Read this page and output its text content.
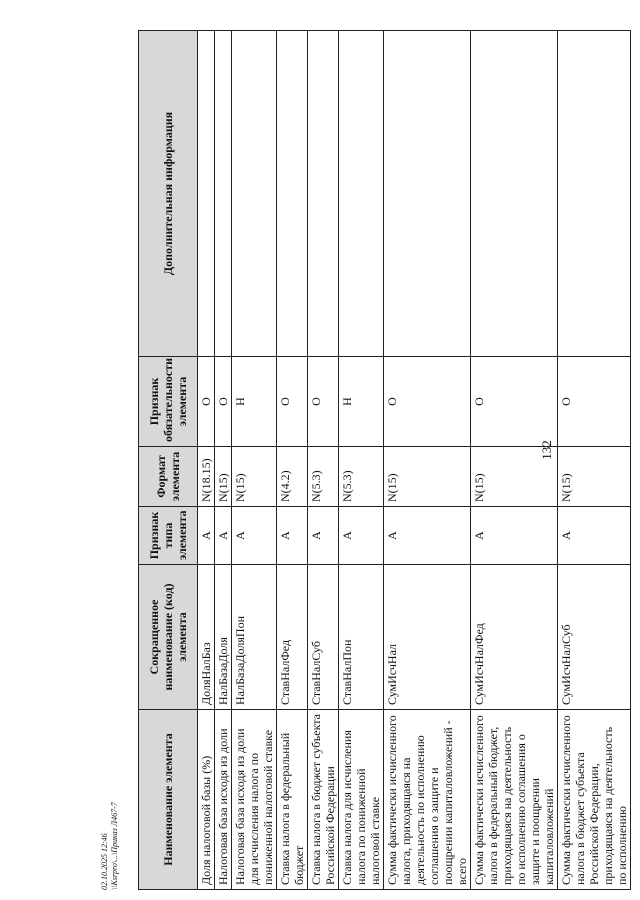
132
02.10.2025 12:46 \\Ksrpro\...\Приказ Л467-7	Наименование элемента	Сокращенное наименование (код) элемента	Признак типа элемента	Формат элемента	Признак обязательности элемента	Дополнительная информация
Доля налоговой базы (%)	ДоляНалБаз	А	N(18.15)	О	
Налоговая база исходя из доли	НалБазаДоля	А	N(15)	О	
Налоговая база исходя из доли для исчисления налога по пониженной налоговой ставке	НалБазаДоляПон	А	N(15)	Н	
Ставка налога в федеральный бюджет	СтавНалФед	А	N(4.2)	О	
Ставка налога в бюджет субъекта Российской Федерации	СтавНалСуб	А	N(5.3)	О	
Ставка налога для исчисления налога по пониженной налоговой ставке	СтавНалПон	А	N(5.3)	Н	
Сумма фактически исчисленного налога, приходящаяся на деятельность по исполнению соглашения о защите и поощрении капиталовложений - всего	СумИсчНал	А	N(15)	О	
Сумма фактически исчисленного налога в федеральный бюджет, приходящаяся на деятельность по исполнению соглашения о защите и поощрении капиталовложений	СумИсчНалФед	А	N(15)	О	
Сумма фактически исчисленного налога в бюджет субъекта Российской Федерации, приходящаяся на деятельность по исполнению	СумИсчНалСуб	А	N(15)	О	
